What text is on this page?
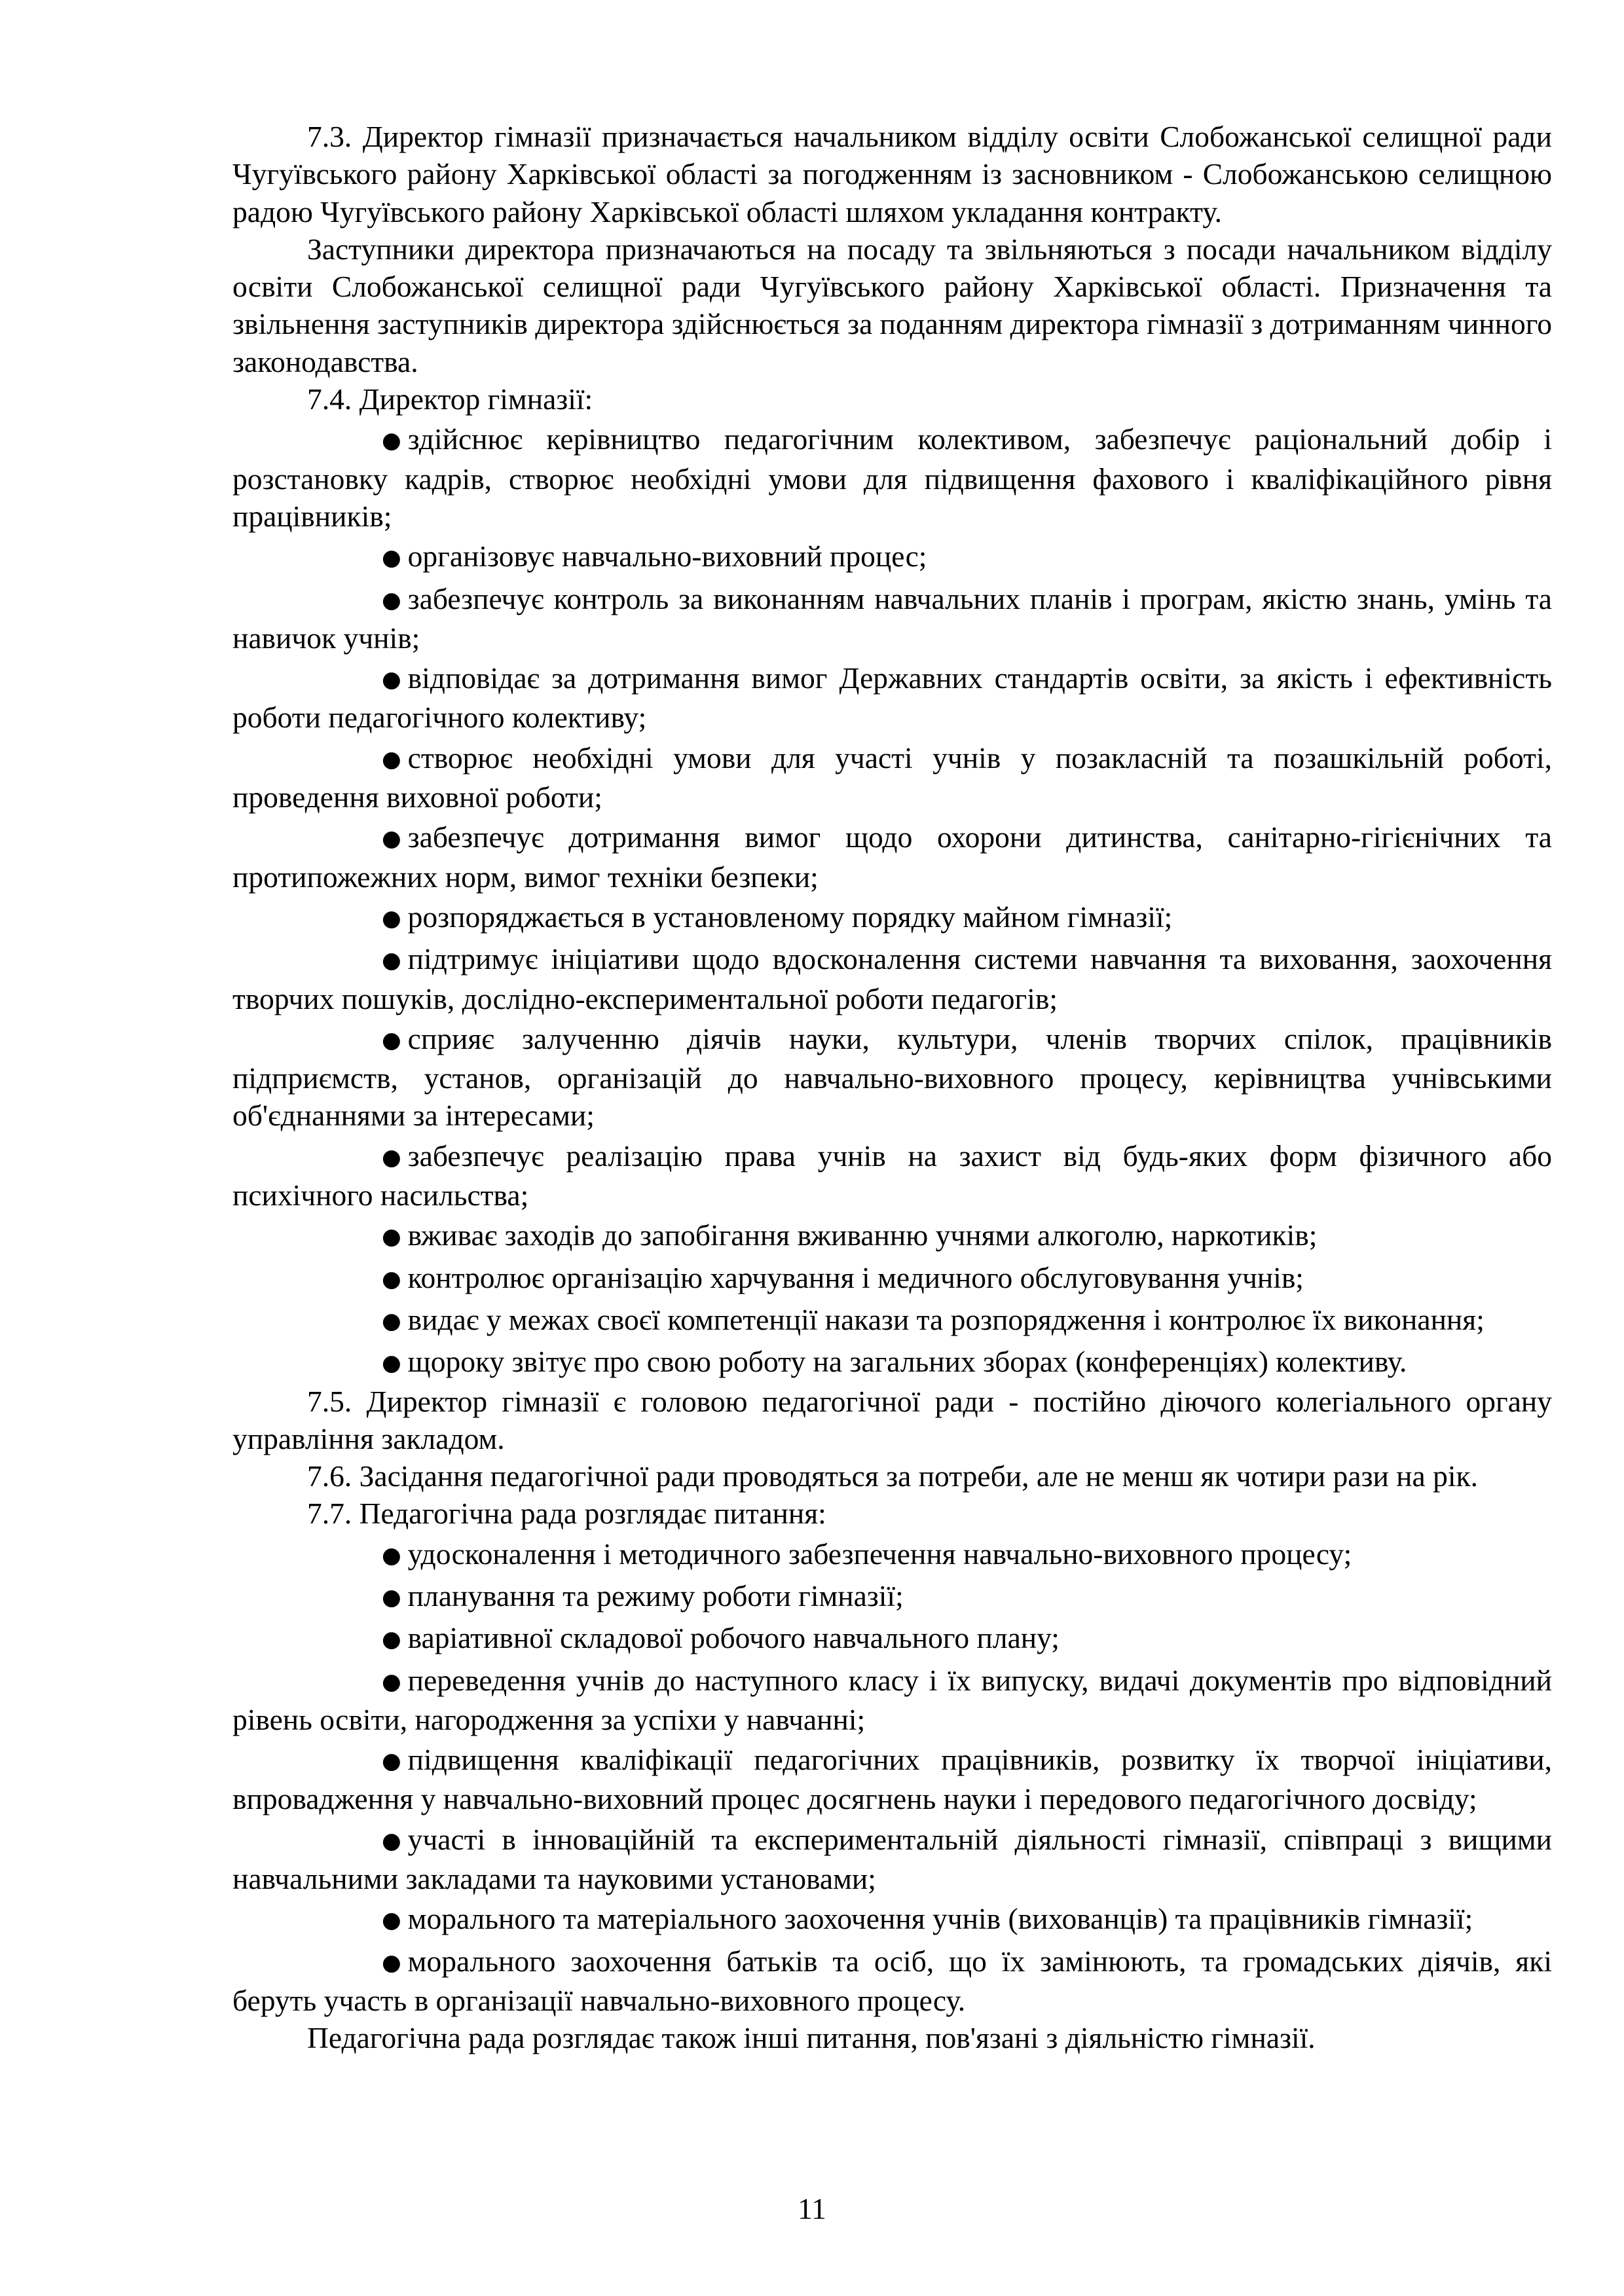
7.3. Директор гімназії призначається начальником відділу освіти Слобожанської селищної ради Чугуївського району Харківської області за погодженням із засновником - Слобожанською селищною радою Чугуївського району Харківської області шляхом укладання контракту.

Заступники директора призначаються на посаду та звільняються з посади начальником відділу освіти Слобожанської селищної ради Чугуївського району Харківської області. Призначення та звільнення заступників директора здійснюється за поданням директора гімназії з дотриманням чинного законодавства.

7.4. Директор гімназії:

● здійснює керівництво педагогічним колективом, забезпечує раціональний добір і розстановку кадрів, створює необхідні умови для підвищення фахового і кваліфікаційного рівня працівників;

● організовує навчально-виховний процес;

● забезпечує контроль за виконанням навчальних планів і програм, якістю знань, умінь та навичок учнів;

● відповідає за дотримання вимог Державних стандартів освіти, за якість і ефективність роботи педагогічного колективу;

● створює необхідні умови для участі учнів у позакласній та позашкільній роботі, проведення виховної роботи;

● забезпечує дотримання вимог щодо охорони дитинства, санітарно-гігієнічних та протипожежних норм, вимог техніки безпеки;

● розпоряджається в установленому порядку майном гімназії;

● підтримує ініціативи щодо вдосконалення системи навчання та виховання, заохочення творчих пошуків, дослідно-експериментальної роботи педагогів;

● сприяє залученню діячів науки, культури, членів творчих спілок, працівників підприємств, установ, організацій до навчально-виховного процесу, керівництва учнівськими об'єднаннями за інтересами;

● забезпечує реалізацію права учнів на захист від будь-яких форм фізичного або психічного насильства;

● вживає заходів до запобігання вживанню учнями алкоголю, наркотиків;

● контролює організацію харчування і медичного обслуговування учнів;

● видає у межах своєї компетенції накази та розпорядження і контролює їх виконання;

● щороку звітує про свою роботу на загальних зборах (конференціях) колективу.

7.5. Директор гімназії є головою педагогічної ради - постійно діючого колегіального органу управління закладом.

7.6. Засідання педагогічної ради проводяться за потреби, але не менш як чотири рази на рік.

7.7. Педагогічна рада розглядає питання:

● удосконалення і методичного забезпечення навчально-виховного процесу;

● планування та режиму роботи гімназії;

● варіативної складової робочого навчального плану;

● переведення учнів до наступного класу і їх випуску, видачі документів про відповідний рівень освіти, нагородження за успіхи у навчанні;

● підвищення кваліфікації педагогічних працівників, розвитку їх творчої ініціативи, впровадження у навчально-виховний процес досягнень науки і передового педагогічного досвіду;

● участі в інноваційній та експериментальній діяльності гімназії, співпраці з вищими навчальними закладами та науковими установами;

● морального та матеріального заохочення учнів (вихованців) та працівників гімназії;

● морального заохочення батьків та осіб, що їх замінюють, та громадських діячів, які беруть участь в організації навчально-виховного процесу.

Педагогічна рада розглядає також інші питання, пов'язані з діяльністю гімназії.

11
